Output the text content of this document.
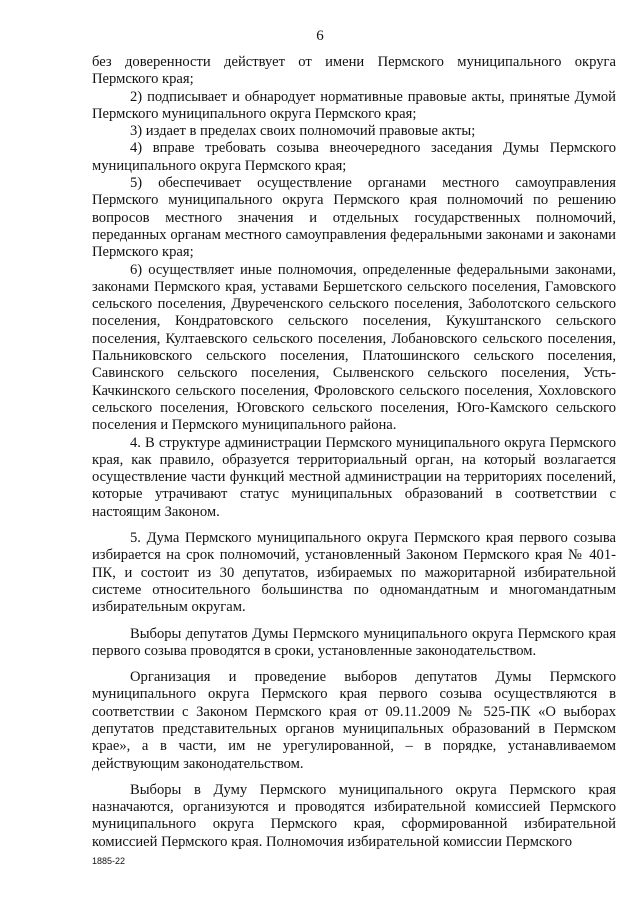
6

без доверенности действует от имени Пермского муниципального округа Пермского края;

2) подписывает и обнародует нормативные правовые акты, принятые Думой Пермского муниципального округа Пермского края;

3) издает в пределах своих полномочий правовые акты;

4) вправе требовать созыва внеочередного заседания Думы Пермского муниципального округа Пермского края;

5) обеспечивает осуществление органами местного самоуправления Пермского муниципального округа Пермского края полномочий по решению вопросов местного значения и отдельных государственных полномочий, переданных органам местного самоуправления федеральными законами и законами Пермского края;

6) осуществляет иные полномочия, определенные федеральными законами, законами Пермского края, уставами Бершетского сельского поселения, Гамовского сельского поселения, Двуреченского сельского поселения, Заболотского сельского поселения, Кондратовского сельского поселения, Кукуштанского сельского поселения, Култаевского сельского поселения, Лобановского сельского поселения, Пальниковского сельского поселения, Платошинского сельского поселения, Савинского сельского поселения, Сылвенского сельского поселения, Усть-Качкинского сельского поселения, Фроловского сельского поселения, Хохловского сельского поселения, Юговского сельского поселения, Юго-Камского сельского поселения и Пермского муниципального района.

4. В структуре администрации Пермского муниципального округа Пермского края, как правило, образуется территориальный орган, на который возлагается осуществление части функций местной администрации на территориях поселений, которые утрачивают статус муниципальных образований в соответствии с настоящим Законом.

5. Дума Пермского муниципального округа Пермского края первого созыва избирается на срок полномочий, установленный Законом Пермского края № 401-ПК, и состоит из 30 депутатов, избираемых по мажоритарной избирательной системе относительного большинства по одномандатным и многомандатным избирательным округам.

Выборы депутатов Думы Пермского муниципального округа Пермского края первого созыва проводятся в сроки, установленные законодательством.

Организация и проведение выборов депутатов Думы Пермского муниципального округа Пермского края первого созыва осуществляются в соответствии с Законом Пермского края от 09.11.2009 № 525-ПК «О выборах депутатов представительных органов муниципальных образований в Пермском крае», а в части, им не урегулированной, – в порядке, устанавливаемом действующим законодательством.

Выборы в Думу Пермского муниципального округа Пермского края назначаются, организуются и проводятся избирательной комиссией Пермского муниципального округа Пермского края, сформированной избирательной комиссией Пермского края. Полномочия избирательной комиссии Пермского

1885-22
